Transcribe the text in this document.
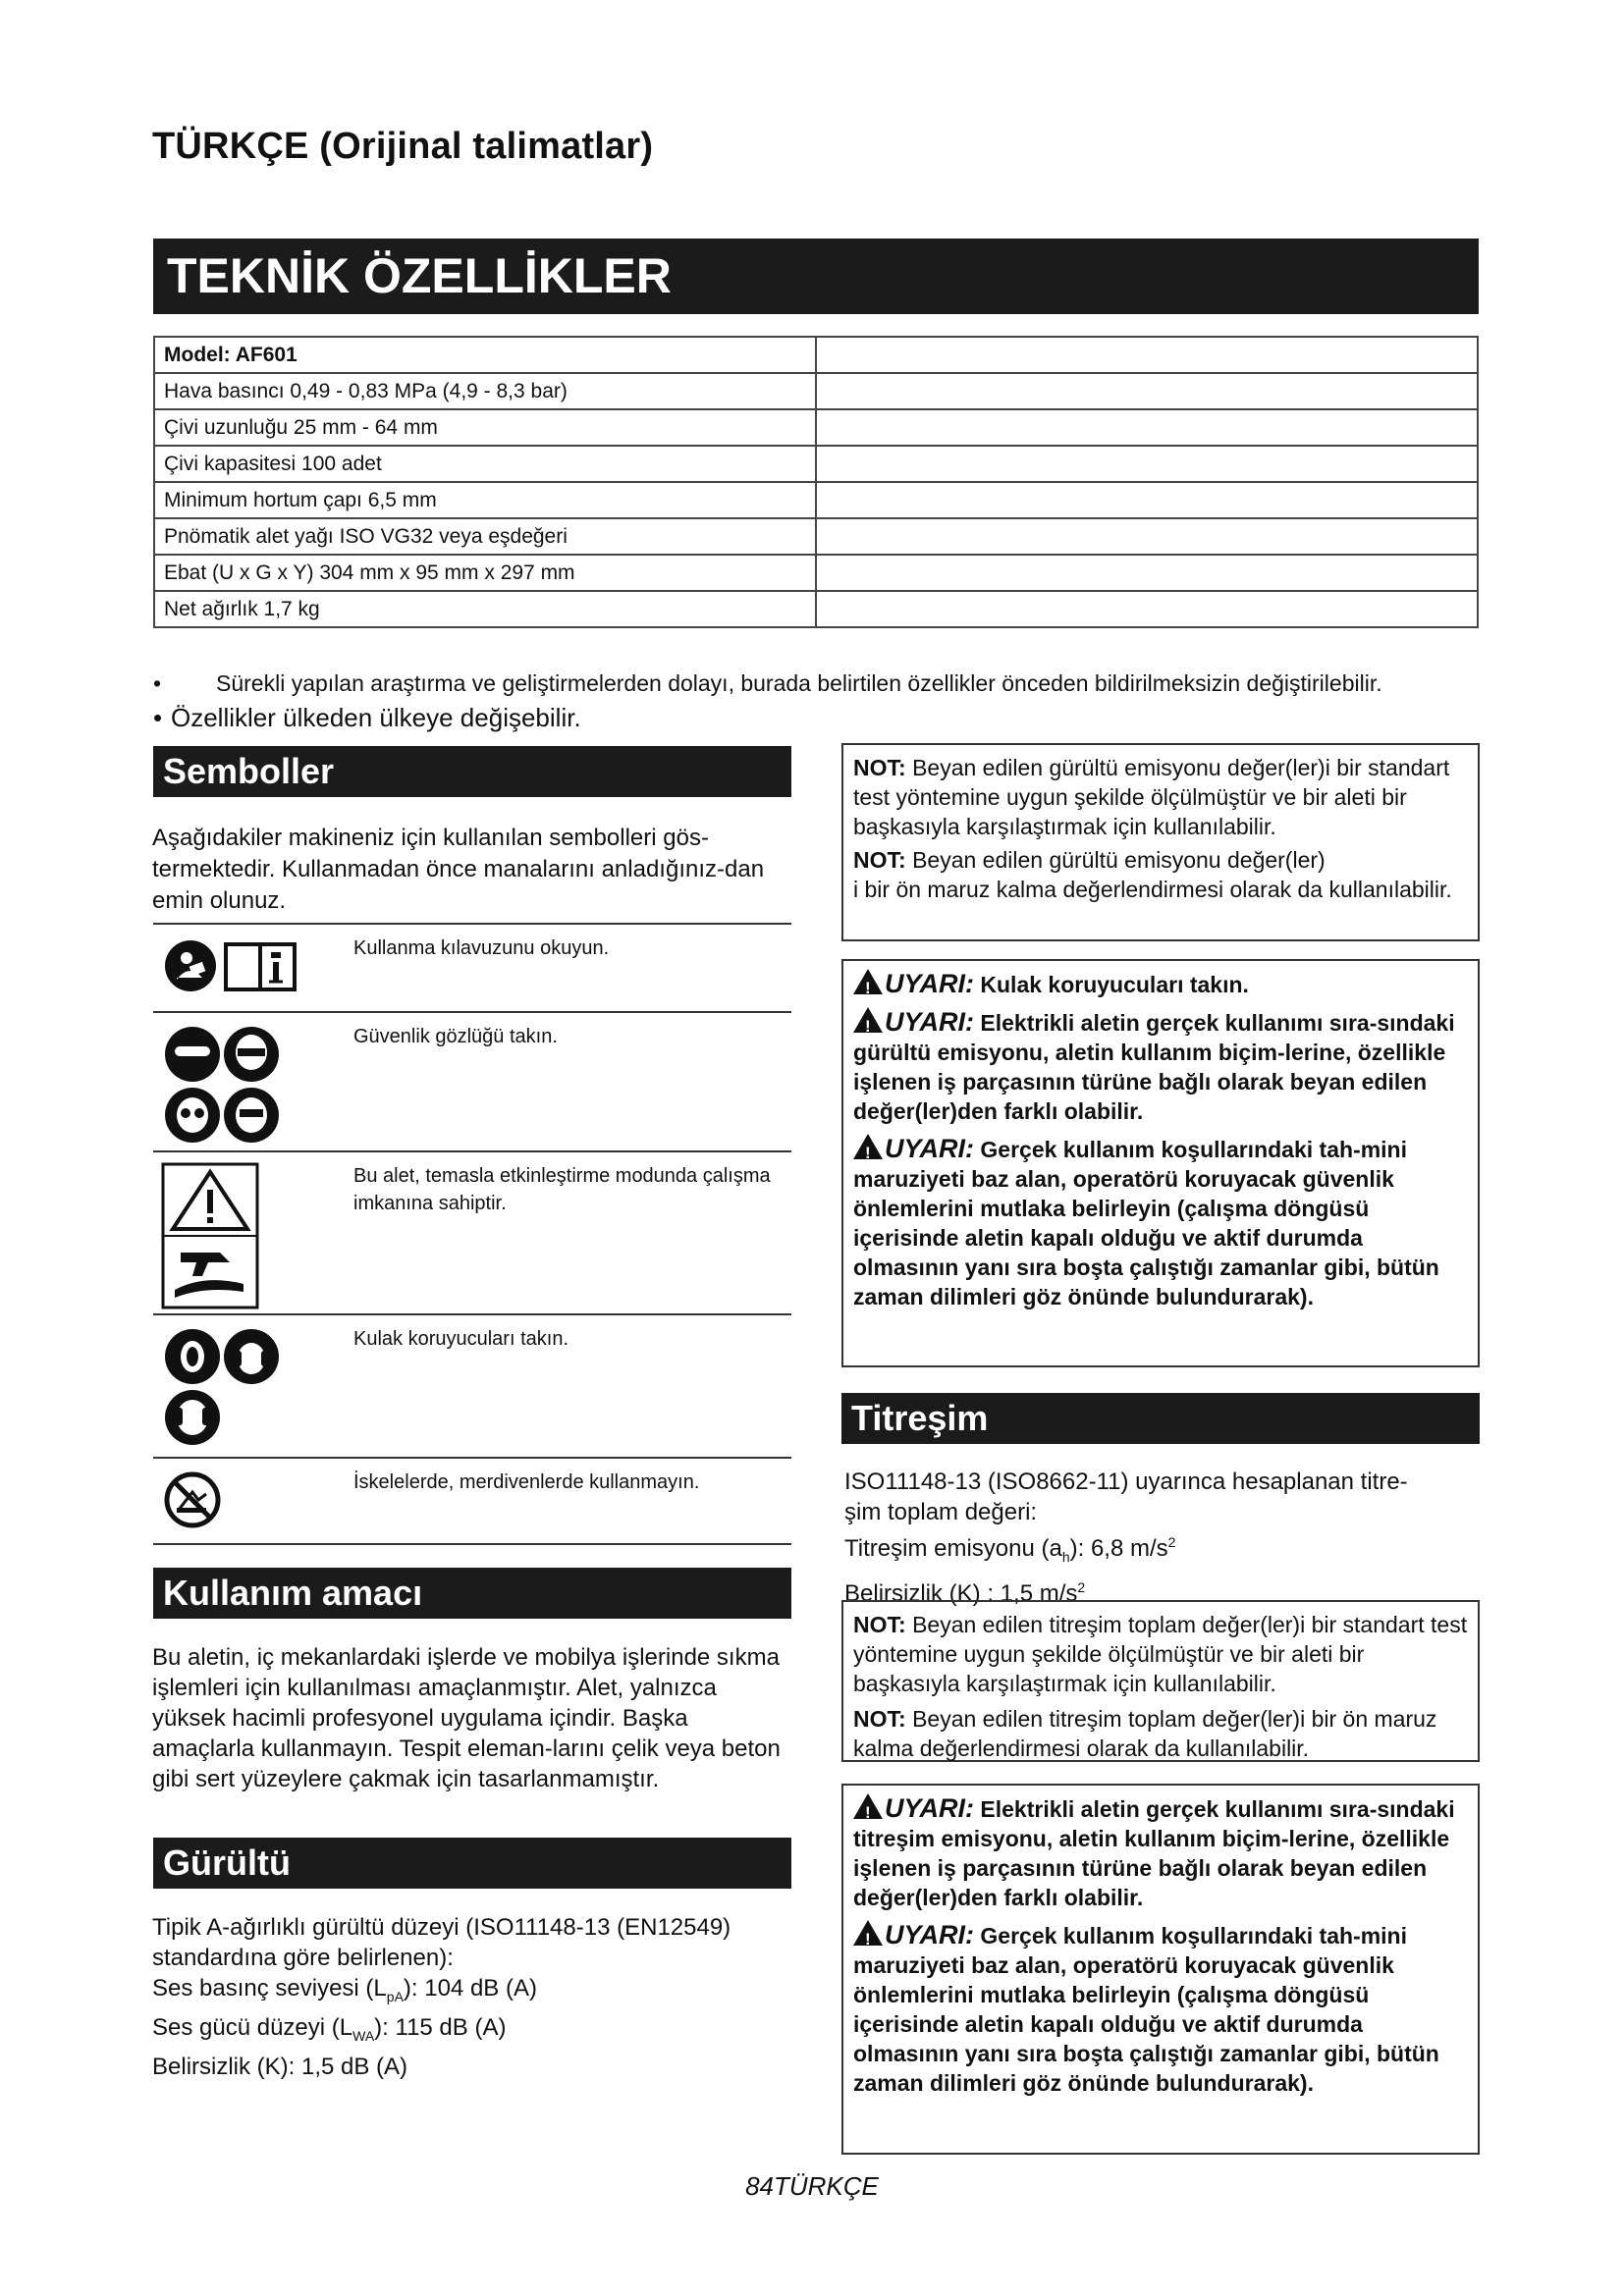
TÜRKÇE (Orijinal talimatlar)
TEKNİK ÖZELLİKLER
Model: AF601	
Hava basıncı 0,49 - 0,83 MPa (4,9 - 8,3 bar)	
Çivi uzunluğu 25 mm - 64 mm	
Çivi kapasitesi 100 adet	
Minimum hortum çapı 6,5 mm	
Pnömatik alet yağı ISO VG32 veya eşdeğeri	
Ebat (U x G x Y) 304 mm x 95 mm x 297 mm	
Net ağırlık 1,7 kg	
• Sürekli yapılan araştırma ve geliştirmelerden dolayı, burada belirtilen özellikler önceden bildirilmeksizin değiştirilebilir.
• Özellikler ülkeden ülkeye değişebilir.
Semboller
Aşağıdakiler makineniz için kullanılan sembolleri gös-termektedir. Kullanmadan önce manalarını anladığınız-dan emin olunuz.
Kullanma kılavuzunu okuyun.
Güvenlik gözlüğü takın.
Bu alet, temasla etkinleştirme modunda çalışma imkanına sahiptir.
Kulak koruyucuları takın.
İskelelerde, merdivenlerde kullanmayın.
Kullanım amacı
Bu aletin, iç mekanlardaki işlerde ve mobilya işlerinde sıkma işlemleri için kullanılması amaçlanmıştır. Alet, yalnızca yüksek hacimli profesyonel uygulama içindir. Başka amaçlarla kullanmayın. Tespit eleman-larını çelik veya beton gibi sert yüzeylere çakmak için tasarlanmamıştır.
Gürültü
Tipik A-ağırlıklı gürültü düzeyi (ISO11148-13 (EN12549)
standardına göre belirlenen):
Ses basınç seviyesi $(L_{pA})$: 104 dB (A)
Ses gücü düzeyi $(L_{WA})$: 115 dB (A)
Belirsizlik (K): 1,5 dB (A)

NOT: Beyan edilen gürültü emisyonu değer(ler)i bir standart test yöntemine uygun şekilde ölçülmüştür ve bir aleti bir başkasıyla karşılaştırmak için kullanılabilir.

NOT: Beyan edilen gürültü emisyonu değer(ler)
i bir ön maruz kalma değerlendirmesi olarak da kullanılabilir.

!UYARI: Kulak koruyucuları takın.

!UYARI: Elektrikli aletin gerçek kullanımı sıra-sındaki gürültü emisyonu, aletin kullanım biçim-lerine, özellikle işlenen iş parçasının türüne bağlı olarak beyan edilen değer(ler)den farklı olabilir.

!UYARI: Gerçek kullanım koşullarındaki tah-mini maruziyeti baz alan, operatörü koruyacak güvenlik önlemlerini mutlaka belirleyin (çalışma döngüsü içerisinde aletin kapalı olduğu ve aktif durumda olmasının yanı sıra boşta çalıştığı zamanlar gibi, bütün zaman dilimleri göz önünde bulundurarak).

Titreşim
ISO11148-13 (ISO8662-11) uyarınca hesaplanan titre-
şim toplam değeri:
Titreşim emisyonu $(a_h)$: 6,8 $m/s^2$
Belirsizlik (K) : 1,5 $m/s^2$

NOT: Beyan edilen titreşim toplam değer(ler)i bir standart test yöntemine uygun şekilde ölçülmüştür ve bir aleti bir başkasıyla karşılaştırmak için kullanılabilir.

NOT: Beyan edilen titreşim toplam değer(ler)i bir ön maruz kalma değerlendirmesi olarak da kullanılabilir.

!UYARI: Elektrikli aletin gerçek kullanımı sıra-sındaki titreşim emisyonu, aletin kullanım biçim-lerine, özellikle işlenen iş parçasının türüne bağlı olarak beyan edilen değer(ler)den farklı olabilir.

!UYARI: Gerçek kullanım koşullarındaki tah-mini maruziyeti baz alan, operatörü koruyacak güvenlik önlemlerini mutlaka belirleyin (çalışma döngüsü içerisinde aletin kapalı olduğu ve aktif durumda olmasının yanı sıra boşta çalıştığı zamanlar gibi, bütün zaman dilimleri göz önünde bulundurarak).

84TÜRKÇE
